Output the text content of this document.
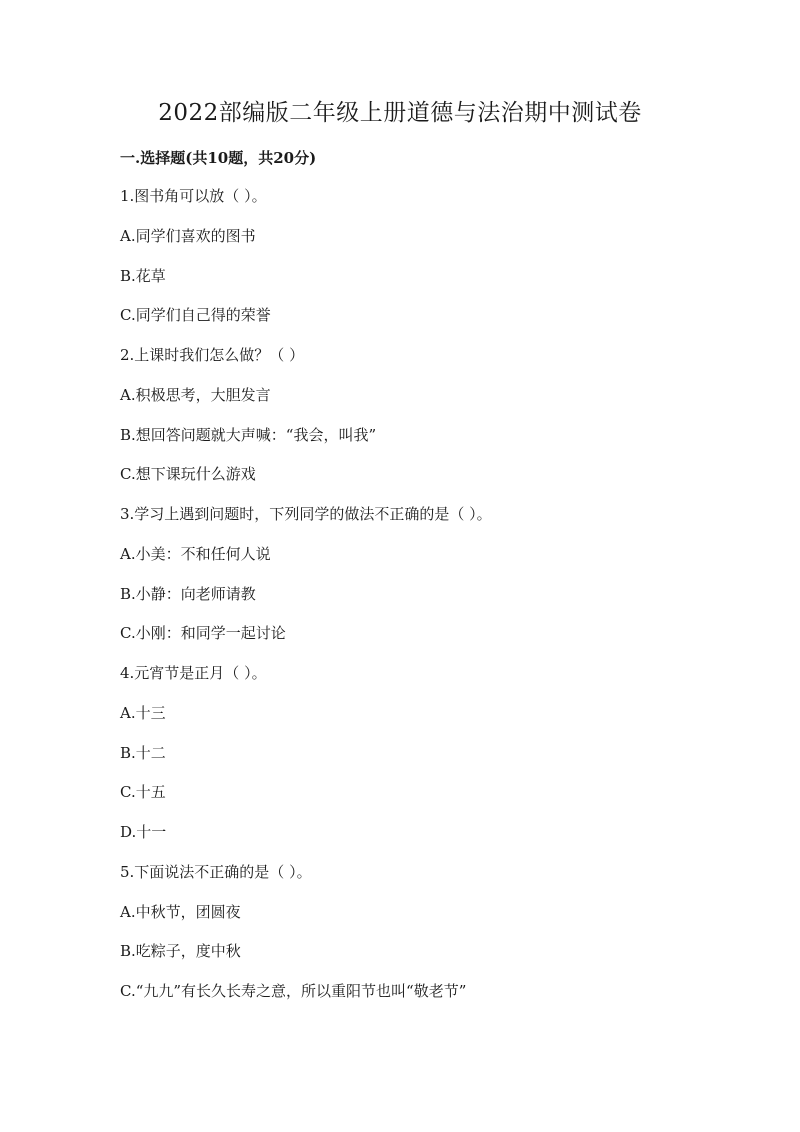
2022部编版二年级上册道德与法治期中测试卷
一.选择题(共10题，共20分)
1.图书角可以放（ ）。
A.同学们喜欢的图书
B.花草
C.同学们自己得的荣誉
2.上课时我们怎么做？（ ）
A.积极思考，大胆发言
B.想回答问题就大声喊：“我会，叫我”
C.想下课玩什么游戏
3.学习上遇到问题时，下列同学的做法不正确的是（ ）。
A.小美：不和任何人说
B.小静：向老师请教
C.小刚：和同学一起讨论
4.元宵节是正月（ ）。
A.十三
B.十二
C.十五
D.十一
5.下面说法不正确的是（ ）。
A.中秋节，团圆夜
B.吃粽子，度中秋
C.“九九”有长久长寿之意，所以重阳节也叫“敬老节”
